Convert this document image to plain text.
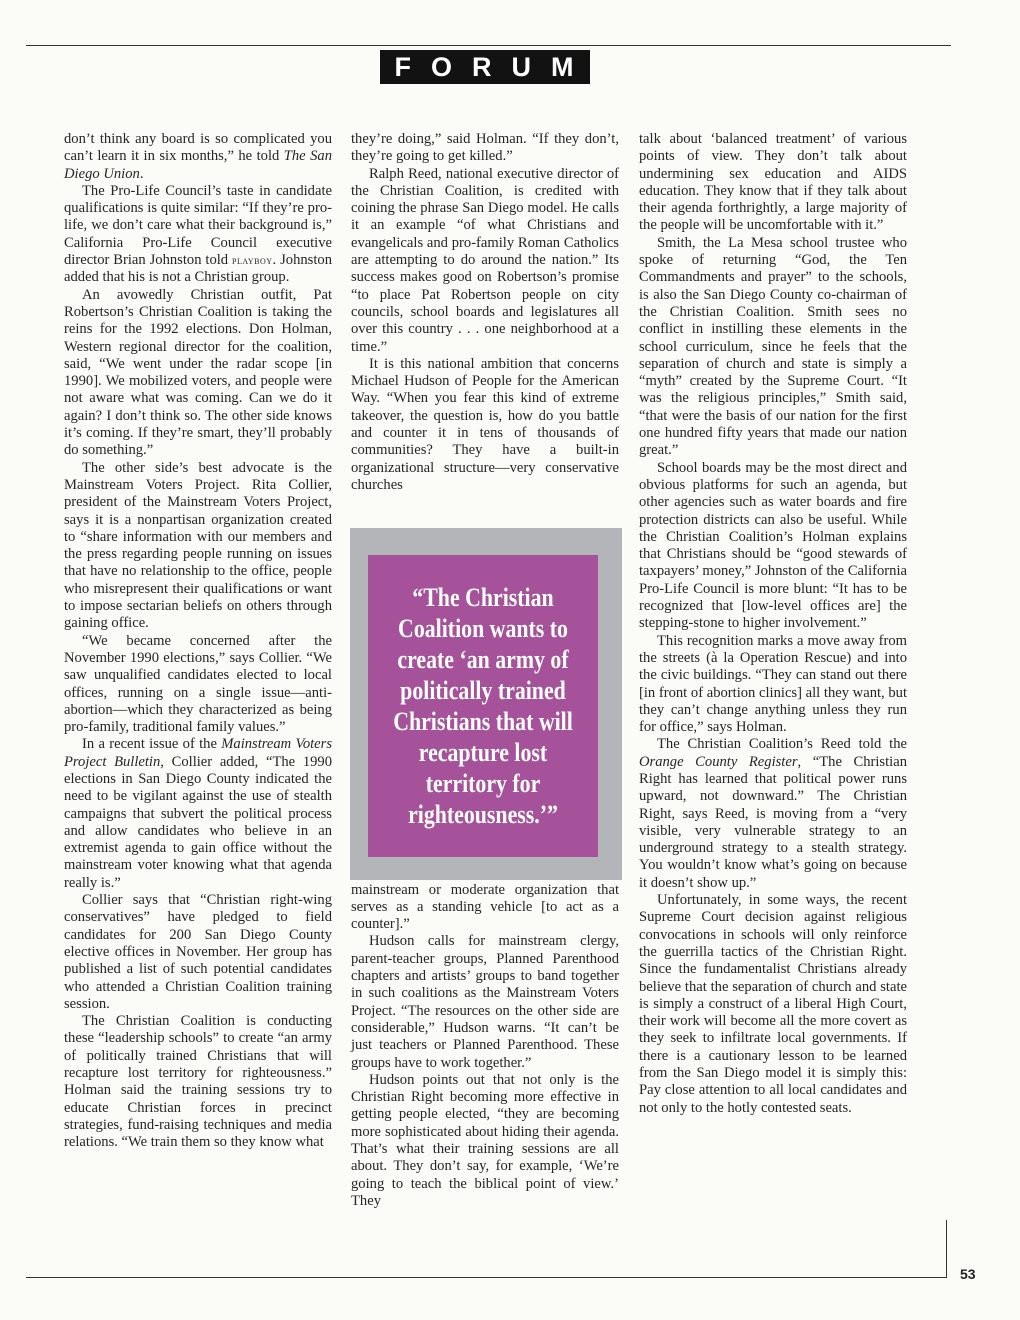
FORUM

don’t think any board is so complicated you can’t learn it in six months,” he told The San Diego Union.

The Pro-Life Council’s taste in candidate qualifications is quite similar: “If they’re pro-life, we don’t care what their background is,” California Pro-Life Council executive director Brian Johnston told playboy. Johnston added that his is not a Christian group.

An avowedly Christian outfit, Pat Robertson’s Christian Coalition is taking the reins for the 1992 elections. Don Holman, Western regional director for the coalition, said, “We went under the radar scope [in 1990]. We mobilized voters, and people were not aware what was coming. Can we do it again? I don’t think so. The other side knows it’s coming. If they’re smart, they’ll probably do something.”

The other side’s best advocate is the Mainstream Voters Project. Rita Collier, president of the Mainstream Voters Project, says it is a nonpartisan organization created to “share information with our members and the press regarding people running on issues that have no relationship to the office, people who misrepresent their qualifications or want to impose sectarian beliefs on others through gaining office.

“We became concerned after the November 1990 elections,” says Collier. “We saw unqualified candidates elected to local offices, running on a single issue—anti-abortion—which they characterized as being pro-family, traditional family values.”

In a recent issue of the Mainstream Voters Project Bulletin, Collier added, “The 1990 elections in San Diego County indicated the need to be vigilant against the use of stealth campaigns that subvert the political process and allow candidates who believe in an extremist agenda to gain office without the mainstream voter knowing what that agenda really is.”

Collier says that “Christian right-wing conservatives” have pledged to field candidates for 200 San Diego County elective offices in November. Her group has published a list of such potential candidates who attended a Christian Coalition training session.

The Christian Coalition is conducting these “leadership schools” to create “an army of politically trained Christians that will recapture lost territory for righteousness.” Holman said the training sessions try to educate Christian forces in precinct strategies, fund-raising techniques and media relations. “We train them so they know what

they’re doing,” said Holman. “If they don’t, they’re going to get killed.”

Ralph Reed, national executive director of the Christian Coalition, is credited with coining the phrase San Diego model. He calls it an example “of what Christians and evangelicals and pro-family Roman Catholics are attempting to do around the nation.” Its success makes good on Robertson’s promise “to place Pat Robertson people on city councils, school boards and legislatures all over this country . . . one neighborhood at a time.”

It is this national ambition that concerns Michael Hudson of People for the American Way. “When you fear this kind of extreme takeover, the question is, how do you battle and counter it in tens of thousands of communities? They have a built-in organizational structure—very conservative churches

mainstream or moderate organization that serves as a standing vehicle [to act as a counter].”

Hudson calls for mainstream clergy, parent-teacher groups, Planned Parenthood chapters and artists’ groups to band together in such coalitions as the Mainstream Voters Project. “The resources on the other side are considerable,” Hudson warns. “It can’t be just teachers or Planned Parenthood. These groups have to work together.”

Hudson points out that not only is the Christian Right becoming more effective in getting people elected, “they are becoming more sophisticated about hiding their agenda. That’s what their training sessions are all about. They don’t say, for example, ‘We’re going to teach the biblical point of view.’ They

“The Christian Coalition wants to create ‘an army of politically trained Christians that will recapture lost territory for righteousness.’”

talk about ‘balanced treatment’ of various points of view. They don’t talk about undermining sex education and AIDS education. They know that if they talk about their agenda forthrightly, a large majority of the people will be uncomfortable with it.”

Smith, the La Mesa school trustee who spoke of returning “God, the Ten Commandments and prayer” to the schools, is also the San Diego County co-chairman of the Christian Coalition. Smith sees no conflict in instilling these elements in the school curriculum, since he feels that the separation of church and state is simply a “myth” created by the Supreme Court. “It was the religious principles,” Smith said, “that were the basis of our nation for the first one hundred fifty years that made our nation great.”

School boards may be the most direct and obvious platforms for such an agenda, but other agencies such as water boards and fire protection districts can also be useful. While the Christian Coalition’s Holman explains that Christians should be “good stewards of taxpayers’ money,” Johnston of the California Pro-Life Council is more blunt: “It has to be recognized that [low-level offices are] the stepping-stone to higher involvement.”

This recognition marks a move away from the streets (à la Operation Rescue) and into the civic buildings. “They can stand out there [in front of abortion clinics] all they want, but they can’t change anything unless they run for office,” says Holman.

The Christian Coalition’s Reed told the Orange County Register, “The Christian Right has learned that political power runs upward, not downward.” The Christian Right, says Reed, is moving from a “very visible, very vulnerable strategy to an underground strategy to a stealth strategy. You wouldn’t know what’s going on because it doesn’t show up.”

Unfortunately, in some ways, the recent Supreme Court decision against religious convocations in schools will only reinforce the guerrilla tactics of the Christian Right. Since the fundamentalist Christians already believe that the separation of church and state is simply a construct of a liberal High Court, their work will become all the more covert as they seek to infiltrate local governments. If there is a cautionary lesson to be learned from the San Diego model it is simply this: Pay close attention to all local candidates and not only to the hotly contested seats.

53
